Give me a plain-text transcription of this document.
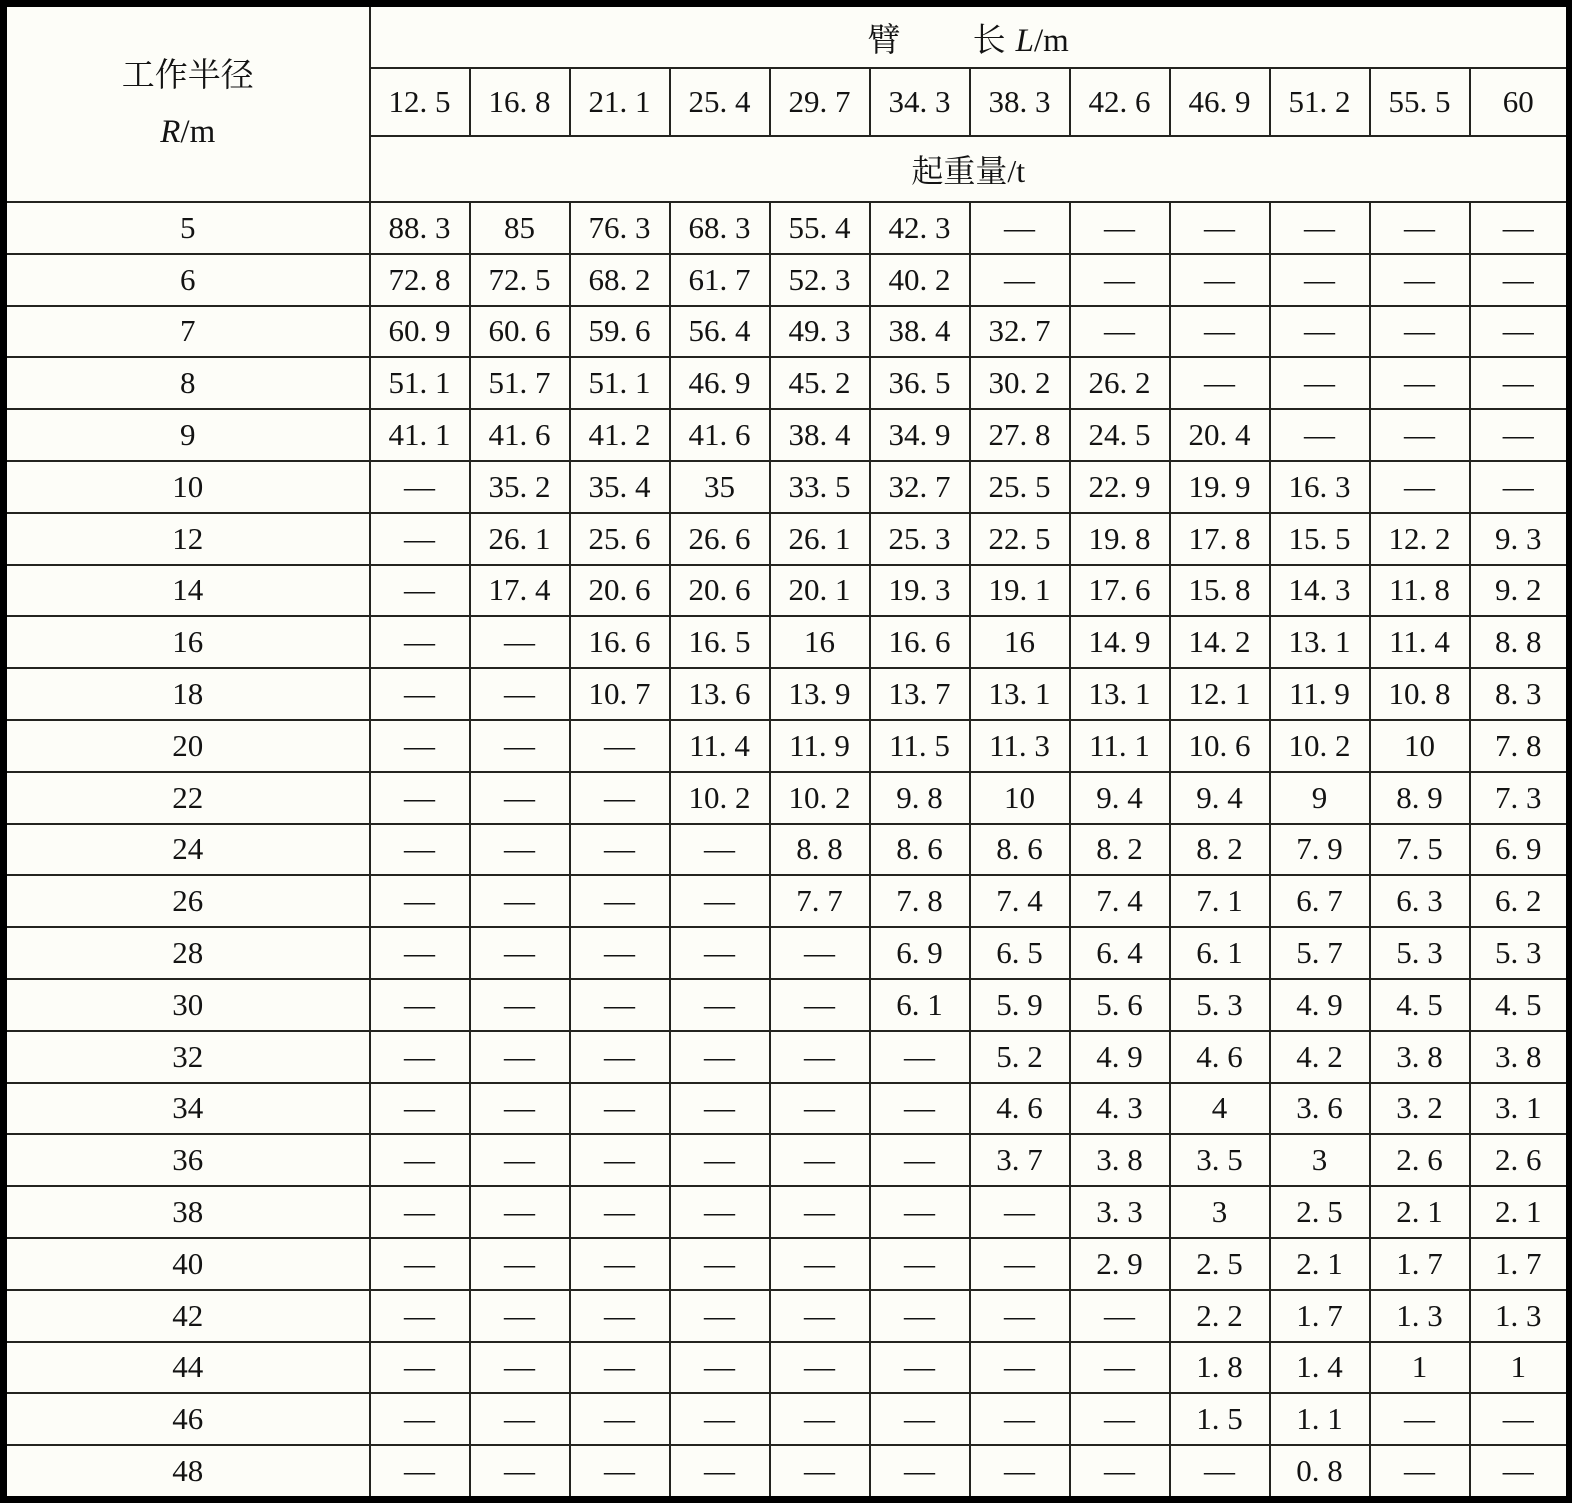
工作半径
R/m	臂 长 L/m											
	12. 5	16. 8	21. 1	25. 4	29. 7	34. 3	38. 3	42. 6	46. 9	51. 2	55. 5	60
	起重量/t											
5	88. 3	85	76. 3	68. 3	55. 4	42. 3	—	—	—	—	—	—
6	72. 8	72. 5	68. 2	61. 7	52. 3	40. 2	—	—	—	—	—	—
7	60. 9	60. 6	59. 6	56. 4	49. 3	38. 4	32. 7	—	—	—	—	—
8	51. 1	51. 7	51. 1	46. 9	45. 2	36. 5	30. 2	26. 2	—	—	—	—
9	41. 1	41. 6	41. 2	41. 6	38. 4	34. 9	27. 8	24. 5	20. 4	—	—	—
10	—	35. 2	35. 4	35	33. 5	32. 7	25. 5	22. 9	19. 9	16. 3	—	—
12	—	26. 1	25. 6	26. 6	26. 1	25. 3	22. 5	19. 8	17. 8	15. 5	12. 2	9. 3
14	—	17. 4	20. 6	20. 6	20. 1	19. 3	19. 1	17. 6	15. 8	14. 3	11. 8	9. 2
16	—	—	16. 6	16. 5	16	16. 6	16	14. 9	14. 2	13. 1	11. 4	8. 8
18	—	—	10. 7	13. 6	13. 9	13. 7	13. 1	13. 1	12. 1	11. 9	10. 8	8. 3
20	—	—	—	11. 4	11. 9	11. 5	11. 3	11. 1	10. 6	10. 2	10	7. 8
22	—	—	—	10. 2	10. 2	9. 8	10	9. 4	9. 4	9	8. 9	7. 3
24	—	—	—	—	8. 8	8. 6	8. 6	8. 2	8. 2	7. 9	7. 5	6. 9
26	—	—	—	—	7. 7	7. 8	7. 4	7. 4	7. 1	6. 7	6. 3	6. 2
28	—	—	—	—	—	6. 9	6. 5	6. 4	6. 1	5. 7	5. 3	5. 3
30	—	—	—	—	—	6. 1	5. 9	5. 6	5. 3	4. 9	4. 5	4. 5
32	—	—	—	—	—	—	5. 2	4. 9	4. 6	4. 2	3. 8	3. 8
34	—	—	—	—	—	—	4. 6	4. 3	4	3. 6	3. 2	3. 1
36	—	—	—	—	—	—	3. 7	3. 8	3. 5	3	2. 6	2. 6
38	—	—	—	—	—	—	—	3. 3	3	2. 5	2. 1	2. 1
40	—	—	—	—	—	—	—	2. 9	2. 5	2. 1	1. 7	1. 7
42	—	—	—	—	—	—	—	—	2. 2	1. 7	1. 3	1. 3
44	—	—	—	—	—	—	—	—	1. 8	1. 4	1	1
46	—	—	—	—	—	—	—	—	1. 5	1. 1	—	—
48	—	—	—	—	—	—	—	—	—	0. 8	—	—
